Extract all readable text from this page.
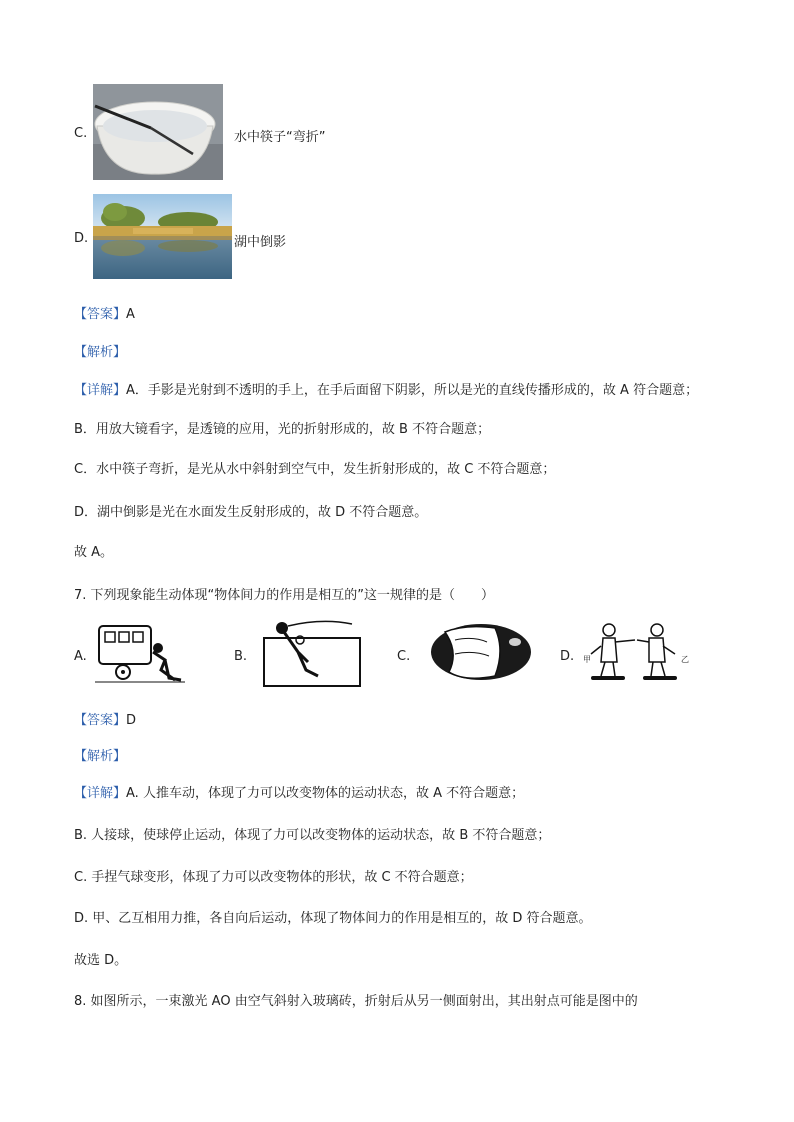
C.	水中筷子“弯折”
D.	湖中倒影
【答案】A
【解析】
【详解】A．手影是光射到不透明的手上，在手后面留下阴影，所以是光的直线传播形成的，故 A 符合题意；
B．用放大镜看字，是透镜的应用，光的折射形成的，故 B 不符合题意；
C．水中筷子弯折，是光从水中斜射到空气中，发生折射形成的，故 C 不符合题意；
D．湖中倒影是光在水面发生反射形成的，故 D 不符合题意。
故 A。
7. 下列现象能生动体现“物体间力的作用是相互的”这一规律的是（　　）
A.	B.	C.	D. 甲	乙
【答案】D
【解析】
【详解】A. 人推车动，体现了力可以改变物体的运动状态，故 A 不符合题意；
B. 人接球，使球停止运动，体现了力可以改变物体的运动状态，故 B 不符合题意；
C. 手捏气球变形，体现了力可以改变物体的形状，故 C 不符合题意；
D. 甲、乙互相用力推，各自向后运动，体现了物体间力的作用是相互的，故 D 符合题意。
故选 D。
8. 如图所示，一束激光 AO 由空气斜射入玻璃砖，折射后从另一侧面射出，其出射点可能是图中的
